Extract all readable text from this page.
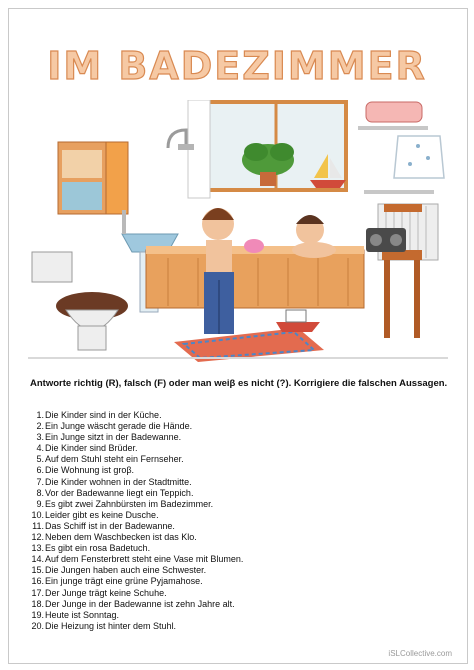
IM BADEZIMMER
Antworte richtig (R), falsch (F) oder man weiβ es nicht (?). Korrigiere die falschen Aussagen.
1. Die Kinder sind in der Küche.
2. Ein Junge wäscht gerade die Hände.
3. Ein Junge sitzt in der Badewanne.
4. Die Kinder sind Brüder.
5. Auf dem Stuhl steht ein Fernseher.
6. Die Wohnung ist groβ.
7. Die Kinder wohnen in der Stadtmitte.
8. Vor der Badewanne liegt ein Teppich.
9. Es gibt zwei Zahnbürsten im Badezimmer.
10. Leider gibt es keine Dusche.
11. Das Schiff ist in der Badewanne.
12. Neben dem Waschbecken ist das Klo.
13. Es gibt ein rosa Badetuch.
14. Auf dem Fensterbrett steht eine Vase mit Blumen.
15. Die Jungen haben auch eine Schwester.
16. Ein junge trägt eine grüne Pyjamahose.
17. Der Junge trägt keine Schuhe.
18. Der Junge in der Badewanne ist zehn Jahre alt.
19. Heute ist Sonntag.
20. Die Heizung ist hinter dem Stuhl.
iSLCollective.com
